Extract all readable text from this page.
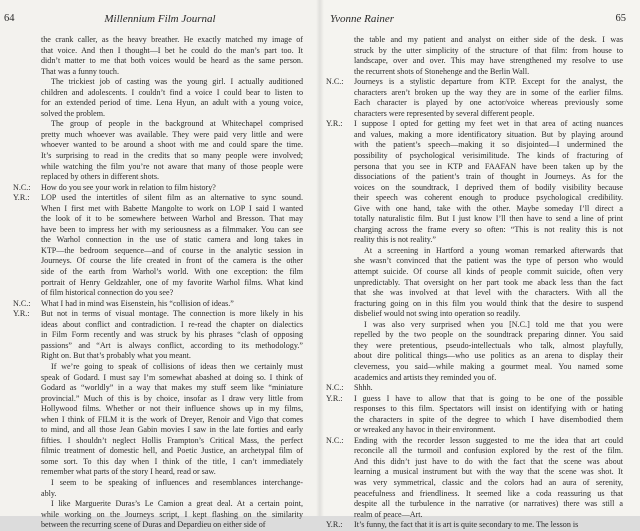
64	Millennium Film Journal
the crank caller, as the heavy breather. He exactly matched my image of
that voice. And then I thought—I bet he could do the man’s part too. It
didn’t matter to me that both voices would be heard as the same person.
That was a funny touch.
The trickiest job of casting was the young girl. I actually auditioned
children and adolescents. I couldn’t find a voice I could bear to listen to
for an extended period of time. Lena Hyun, an adult with a young voice,
solved the problem.
The group of people in the background at Whitechapel comprised
pretty much whoever was available. They were paid very little and were
whoever wanted to be around a shoot with me and could spare the time.
It’s surprising to read in the credits that so many people were involved;
while watching the film you’re not aware that many of those people were
replaced by others in different shots.
N.C.:	How do you see your work in relation to film history?
Y.R.:	LOP used the intertitles of silent film as an alternative to sync sound.
When I first met with Babette Mangolte to work on LOP I said I wanted
the look of it to be somewhere between Warhol and Bresson. That may
have been to impress her with my seriousness as a filmmaker. You can see
the Warhol connection in the use of static camera and long takes in
KTP—the bedroom sequence—and of course in the analytic session in
Journeys. Of course the life created in front of the camera is the other
side of the earth from Warhol’s world. With one exception: the film
portrait of Henry Geldzahler, one of my favorite Warhol films. What kind
of film historical connection do you see?
N.C.:	What I had in mind was Eisenstein, his “collision of ideas.”
Y.R.:	But not in terms of visual montage. The connection is more likely in his
ideas about conflict and contradiction. I re-read the chapter on dialectics
in Film Form recently and was struck by his phrases “clash of opposing
passions” and “Art is always conflict, according to its methodology.”
Right on. But that’s probably what you meant.
If we’re going to speak of collisions of ideas then we certainly must
speak of Godard. I must say I’m somewhat abashed at doing so. I think of
Godard as “worldly” in a way that makes my stuff seem like “miniature
provincial.” Much of this is by choice, insofar as I draw very little from
Hollywood films. Whether or not their influence shows up in my films,
when I think of FILM it is the work of Dreyer, Renoir and Vigo that comes
to mind, and all those Jean Gabin movies I saw in the late forties and early
fifties. I shouldn’t neglect Hollis Frampton’s Critical Mass, the perfect
filmic treatment of domestic hell, and Poetic Justice, an archetypal film of
some sort. To this day when I think of the title, I can’t immediately
remember what parts of the story I heard, read or saw.
I seem to be speaking of influences and resemblances interchange-
ably.
I like Marguerite Duras’s Le Camion a great deal. At a certain point,
while working on the Journeys script, I kept flashing on the similarity
between the recurring scene of Duras and Depardieu on either side of
Yvonne Rainer	65
the table and my patient and analyst on either side of the desk. I was
struck by the utter simplicity of the structure of that film: from house to
landscape, over and over. This may have strengthened my resolve to use
the recurrent shots of Stonehenge and the Berlin Wall.
N.C.:	Journeys is a stylistic departure from KTP. Except for the analyst, the
characters aren’t broken up the way they are in some of the earlier films.
Each character is played by one actor/voice whereas previously some
characters were represented by several different people.
Y.R.:	I suppose I opted for getting my feet wet in that area of acting nuances
and values, making a more identificatory situation. But by playing around
with the patient’s speech—making it so disjointed—I undermined the
possibility of psychological verisimilitude. The kinds of fracturing of
persona that you see in KTP and FAAFAN have been taken up by the
dissociations of the patient’s train of thought in Journeys. As for the
voices on the soundtrack, I deprived them of bodily visibility because
their speech was coherent enough to produce psychological credibility.
Give with one hand, take with the other. Maybe someday I’ll direct a
totally naturalistic film. But I just know I’ll then have to send a line of print
charging across the frame every so often: “This is not reality this is not
reality this is not reality.”
At a screening in Hartford a young woman remarked afterwards that
she wasn’t convinced that the patient was the type of person who would
attempt suicide. Of course all kinds of people commit suicide, often very
unpredictably. That oversight on her part took me aback less than the fact
that she was involved at that level with the characters. With all the
fracturing going on in this film you would think that the desire to suspend
disbelief would not swing into operation so readily.
I was also very surprised when you [N.C.] told me that you were
repelled by the two people on the soundtrack preparing dinner. You said
they were pretentious, pseudo-intellectuals who talk, almost playfully,
about dire political things—who use politics as an arena to display their
cleverness, you said—while making a gourmet meal. You named some
academics and artists they reminded you of.
N.C.:	Shhh.
Y.R.:	I guess I have to allow that that is going to be one of the possible
responses to this film. Spectators will insist on identifying with or hating
the characters in spite of the degree to which I have disembodied them
or wreaked any havoc in their environment.
N.C.:	Ending with the recorder lesson suggested to me the idea that art could
reconcile all the turmoil and confusion explored by the rest of the film.
And this didn’t just have to do with the fact that the scene was about
learning a musical instrument but with the way that the scene was shot. It
was very symmetrical, classic and the colors had an aura of serenity,
peacefulness and friendliness. It seemed like a coda reassuring us that
despite all the turbulence in the narrative (or narratives) there was still a
realm of peace—Art.
Y.R.:	It’s funny, the fact that it is art is quite secondary to me. The lesson is
